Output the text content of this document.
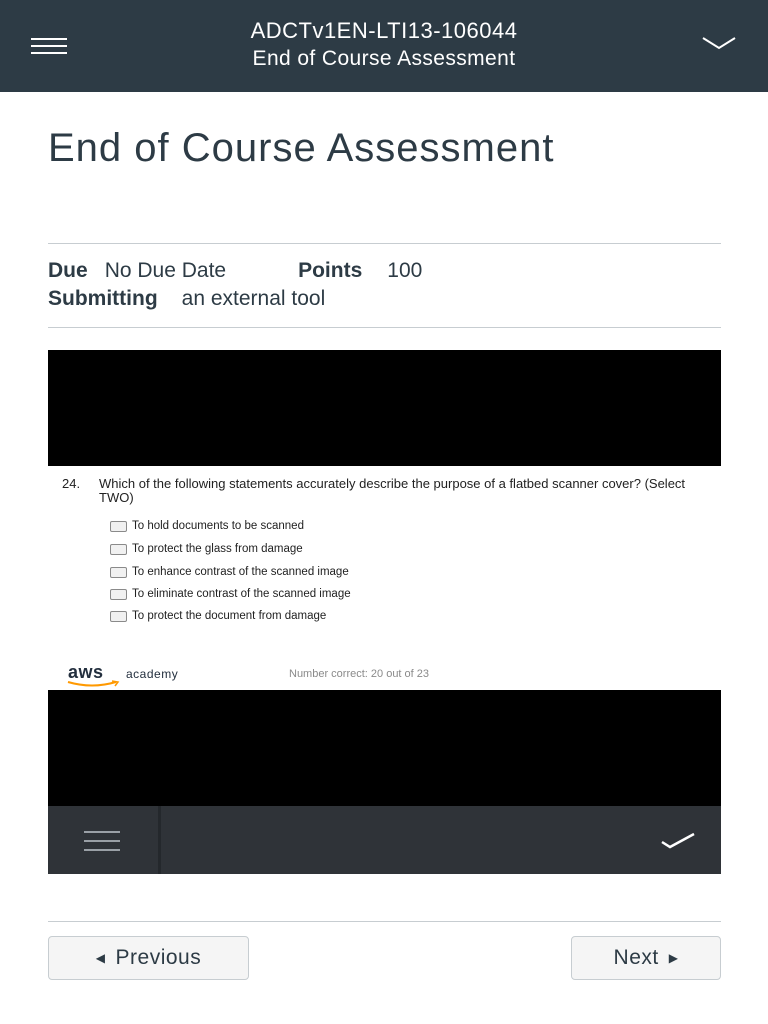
ADCTv1EN-LTI13-106044
End of Course Assessment
End of Course Assessment
Due No Due Date	Points 100
Submitting an external tool
24. Which of the following statements accurately describe the purpose of a flatbed scanner cover? (Select TWO)
To hold documents to be scanned
To protect the glass from damage
To enhance contrast of the scanned image
To eliminate contrast of the scanned image
To protect the document from damage
aws academy	Number correct: 20 out of 23
◀ Previous	Next ▶
